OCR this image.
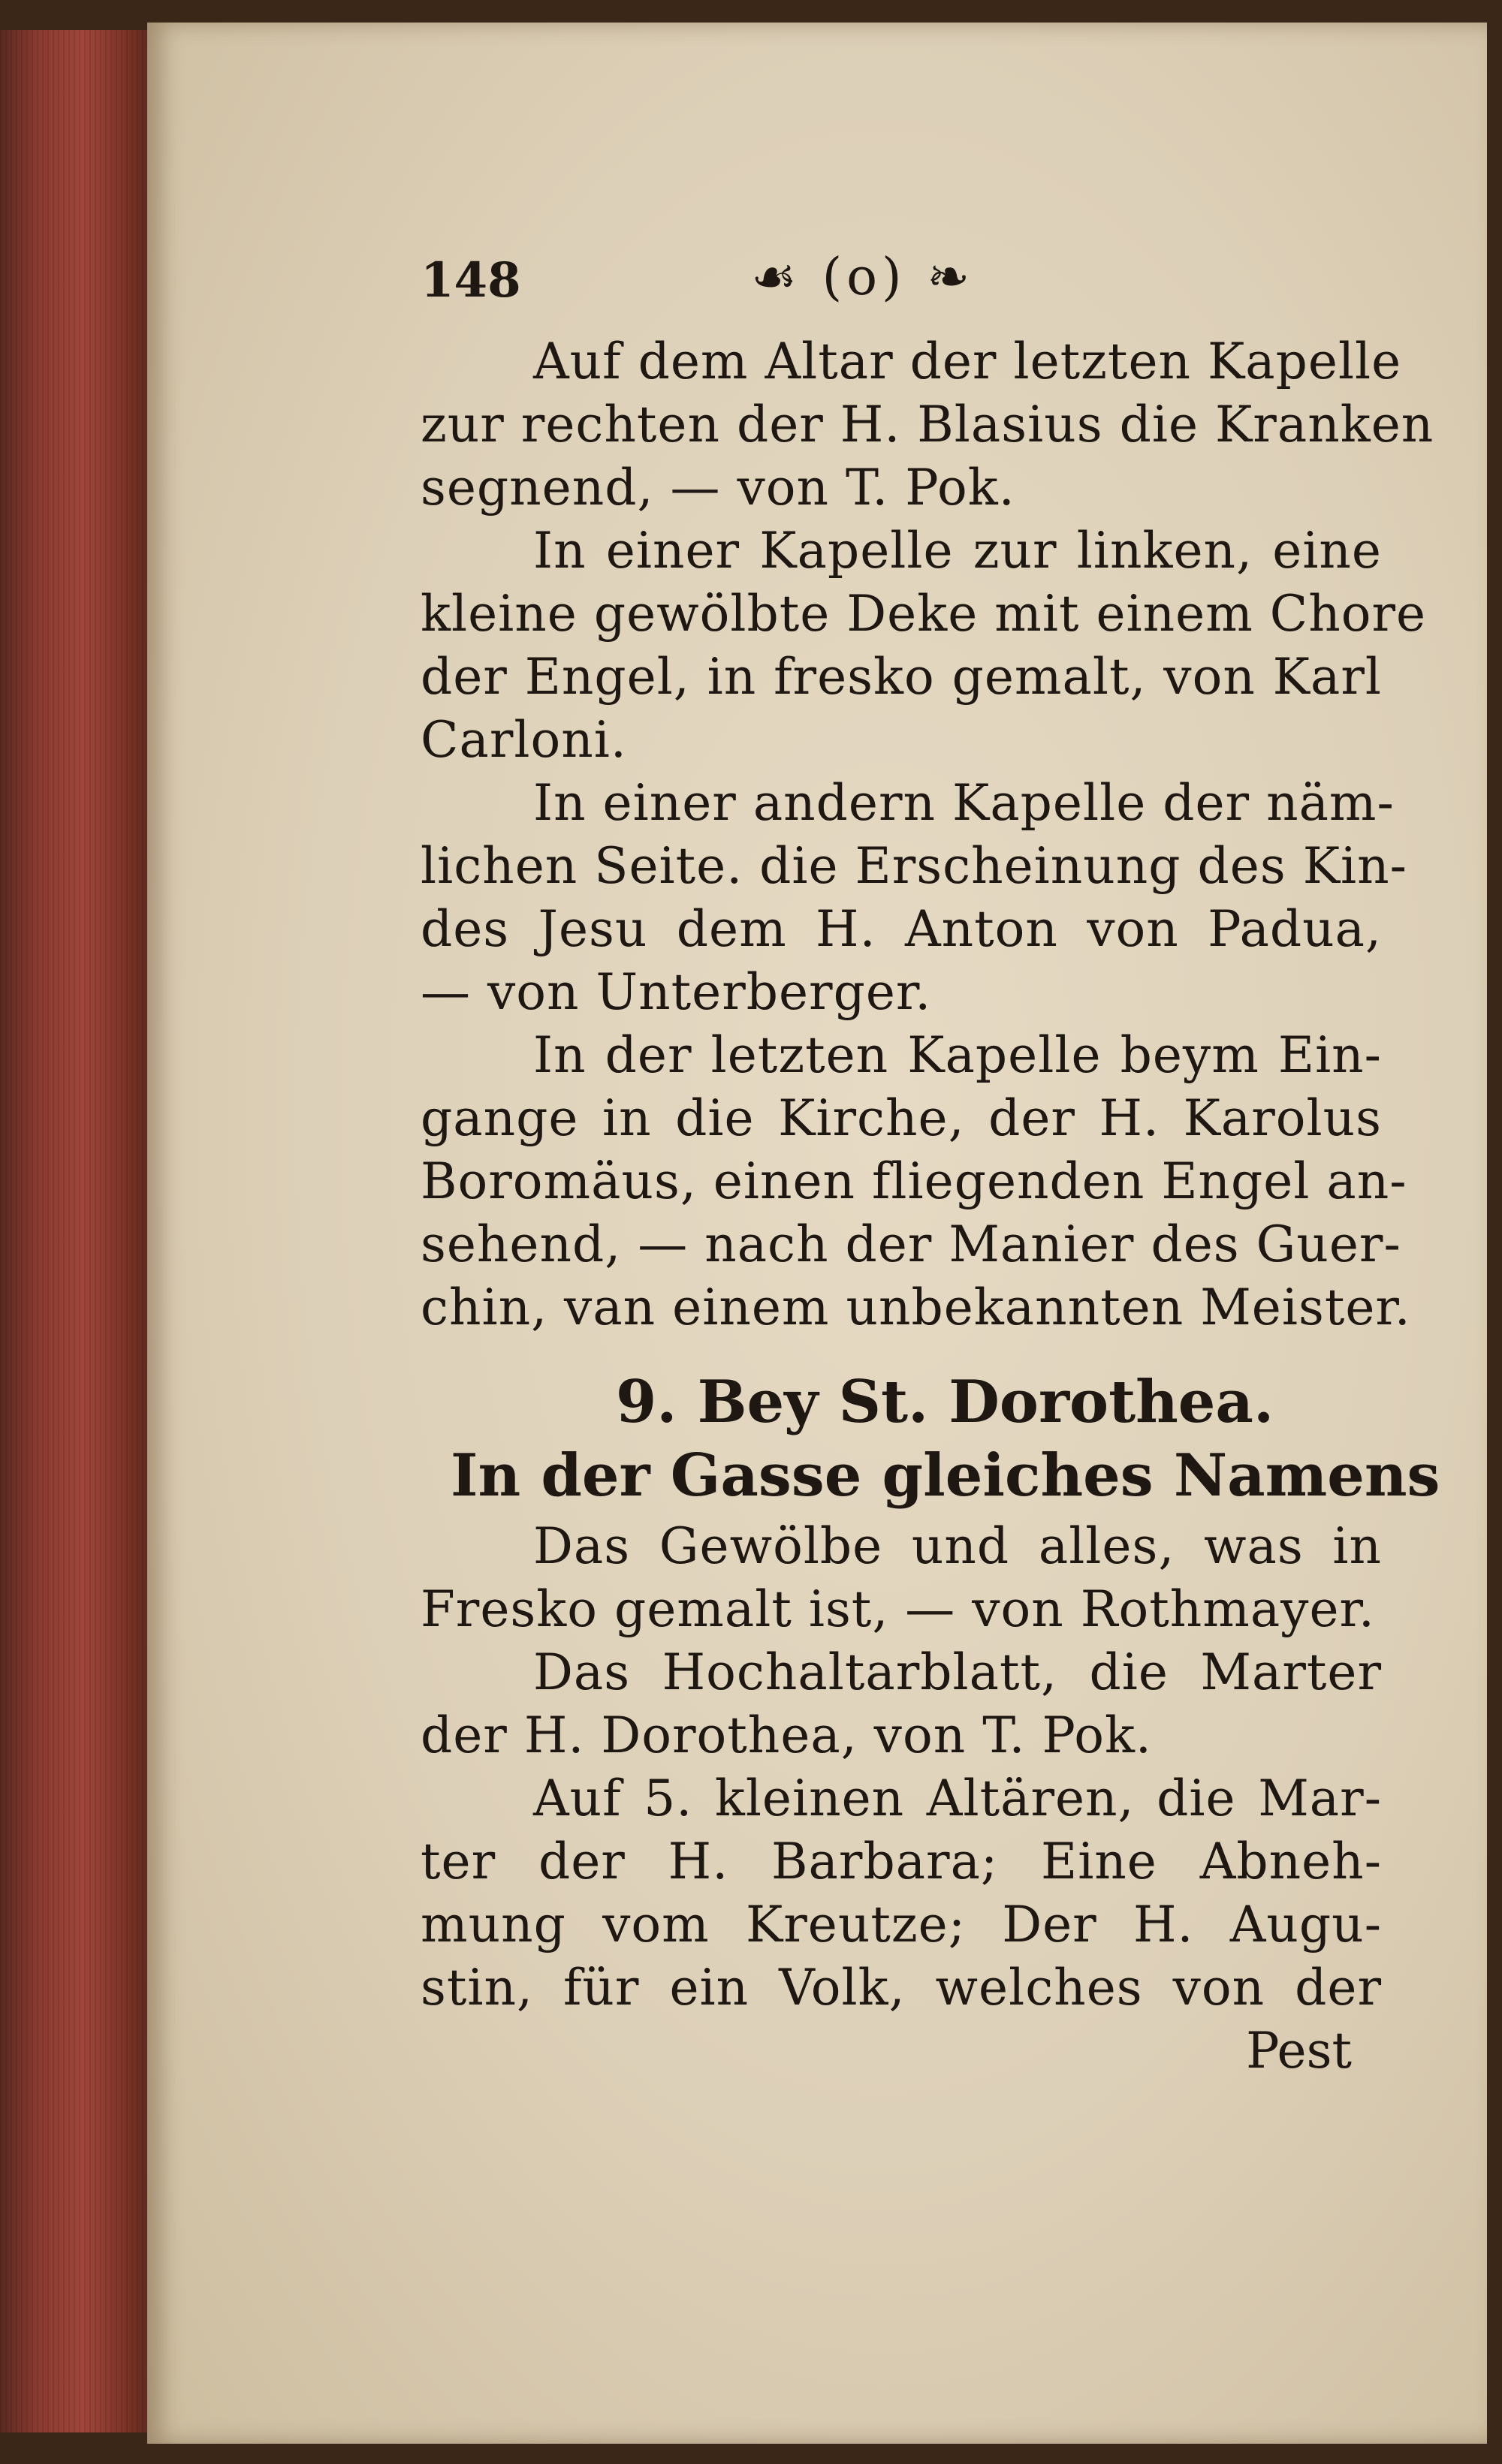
148	☙ (o) ❧
Auf dem Altar der letzten Kapelle
zur rechten der H. Blasius die Kranken
segnend, — von T. Pok.
In einer Kapelle zur linken, eine
kleine gewölbte Deke mit einem Chore
der Engel, in fresko gemalt, von Karl
Carloni.
In einer andern Kapelle der näm-
lichen Seite. die Erscheinung des Kin-
des Jesu dem H. Anton von Padua,
— von Unterberger.
In der letzten Kapelle beym Ein-
gange in die Kirche, der H. Karolus
Boromäus, einen fliegenden Engel an-
sehend, — nach der Manier des Guer-
chin, van einem unbekannten Meister.
9. Bey St. Dorothea.
In der Gasse gleiches Namens
Das Gewölbe und alles, was in
Fresko gemalt ist, — von Rothmayer.
Das Hochaltarblatt, die Marter
der H. Dorothea, von T. Pok.
Auf 5. kleinen Altären, die Mar-
ter der H. Barbara; Eine Abneh-
mung vom Kreutze; Der H. Augu-
stin, für ein Volk, welches von der
Pest
